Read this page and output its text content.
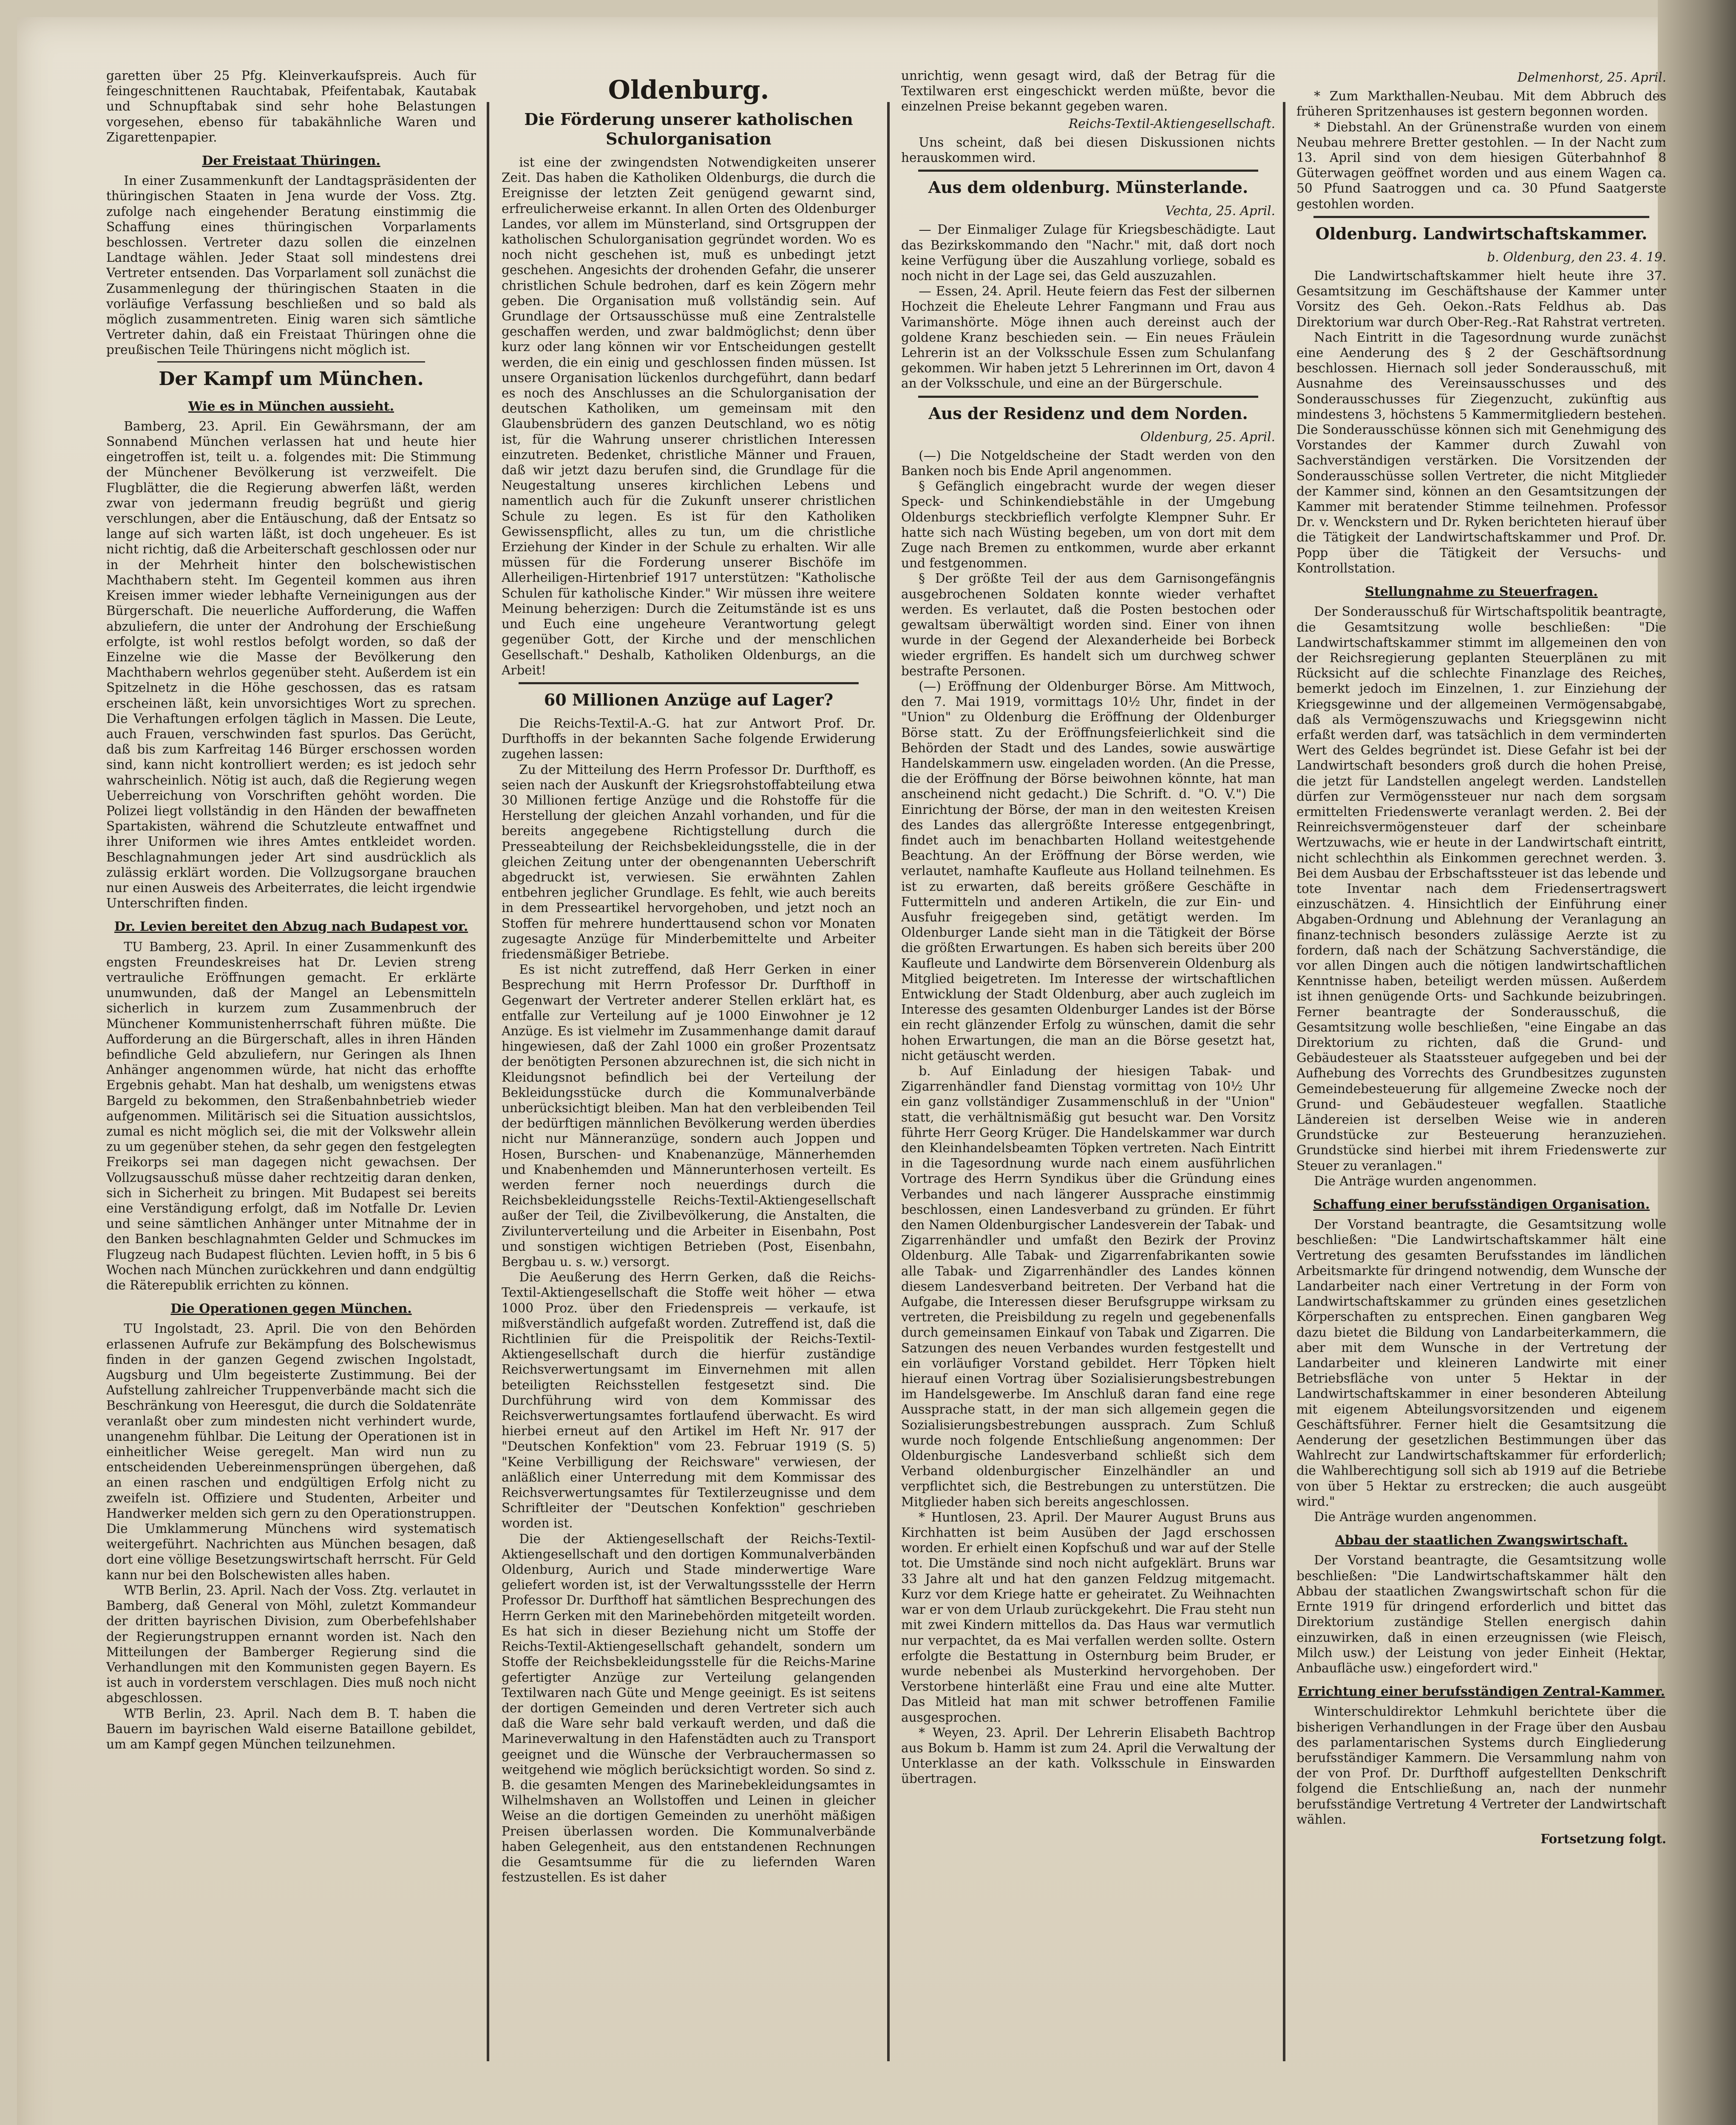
garetten über 25 Pfg. Kleinverkaufspreis. Auch für feingeschnittenen Rauchtabak, Pfeifentabak, Kautabak und Schnupftabak sind sehr hohe Belastungen vorgesehen, ebenso für tabakähnliche Waren und Zigarettenpapier.

Der Freistaat Thüringen.

In einer Zusammenkunft der Landtagspräsidenten der thüringischen Staaten in Jena wurde der Voss. Ztg. zufolge nach eingehender Beratung einstimmig die Schaffung eines thüringischen Vorparlaments beschlossen. Vertreter dazu sollen die einzelnen Landtage wählen. Jeder Staat soll mindestens drei Vertreter entsenden. Das Vorparlament soll zunächst die Zusammenlegung der thüringischen Staaten in die vorläufige Verfassung beschließen und so bald als möglich zusammentreten. Einig waren sich sämtliche Vertreter dahin, daß ein Freistaat Thüringen ohne die preußischen Teile Thüringens nicht möglich ist.

Der Kampf um München.
Wie es in München aussieht.

Bamberg, 23. April. Ein Gewährsmann, der am Sonnabend München verlassen hat und heute hier eingetroffen ist, teilt u. a. folgendes mit: Die Stimmung der Münchener Bevölkerung ist verzweifelt. Die Flugblätter, die die Regierung abwerfen läßt, werden zwar von jedermann freudig begrüßt und gierig verschlungen, aber die Entäuschung, daß der Entsatz so lange auf sich warten läßt, ist doch ungeheuer. Es ist nicht richtig, daß die Arbeiterschaft geschlossen oder nur in der Mehrheit hinter den bolschewistischen Machthabern steht. Im Gegenteil kommen aus ihren Kreisen immer wieder lebhafte Verneinigungen aus der Bürgerschaft. Die neuerliche Aufforderung, die Waffen abzuliefern, die unter der Androhung der Erschießung erfolgte, ist wohl restlos befolgt worden, so daß der Einzelne wie die Masse der Bevölkerung den Machthabern wehrlos gegenüber steht. Außerdem ist ein Spitzelnetz in die Höhe geschossen, das es ratsam erscheinen läßt, kein unvorsichtiges Wort zu sprechen. Die Verhaftungen erfolgen täglich in Massen. Die Leute, auch Frauen, verschwinden fast spurlos. Das Gerücht, daß bis zum Karfreitag 146 Bürger erschossen worden sind, kann nicht kontrolliert werden; es ist jedoch sehr wahrscheinlich. Nötig ist auch, daß die Regierung wegen Ueberreichung von Vorschriften gehöht worden. Die Polizei liegt vollständig in den Händen der bewaffneten Spartakisten, während die Schutzleute entwaffnet und ihrer Uniformen wie ihres Amtes entkleidet worden. Beschlagnahmungen jeder Art sind ausdrücklich als zulässig erklärt worden. Die Vollzugsorgane brauchen nur einen Ausweis des Arbeiterrates, die leicht irgendwie Unterschriften finden.

Dr. Levien bereitet den Abzug nach Budapest vor.

TU Bamberg, 23. April. In einer Zusammenkunft des engsten Freundeskreises hat Dr. Levien streng vertrauliche Eröffnungen gemacht. Er erklärte unumwunden, daß der Mangel an Lebensmitteln sicherlich in kurzem zum Zusammenbruch der Münchener Kommunistenherrschaft führen müßte. Die Aufforderung an die Bürgerschaft, alles in ihren Händen befindliche Geld abzuliefern, nur Geringen als Ihnen Anhänger angenommen würde, hat nicht das erhoffte Ergebnis gehabt. Man hat deshalb, um wenigstens etwas Bargeld zu bekommen, den Straßenbahnbetrieb wieder aufgenommen. Militärisch sei die Situation aussichtslos, zumal es nicht möglich sei, die mit der Volkswehr allein zu um gegenüber stehen, da sehr gegen den festgelegten Freikorps sei man dagegen nicht gewachsen. Der Vollzugsausschuß müsse daher rechtzeitig daran denken, sich in Sicherheit zu bringen. Mit Budapest sei bereits eine Verständigung erfolgt, daß im Notfalle Dr. Levien und seine sämtlichen Anhänger unter Mitnahme der in den Banken beschlagnahmten Gelder und Schmuckes im Flugzeug nach Budapest flüchten. Levien hofft, in 5 bis 6 Wochen nach München zurückkehren und dann endgültig die Räterepublik errichten zu können.

Die Operationen gegen München.

TU Ingolstadt, 23. April. Die von den Behörden erlassenen Aufrufe zur Bekämpfung des Bolschewismus finden in der ganzen Gegend zwischen Ingolstadt, Augsburg und Ulm begeisterte Zustimmung. Bei der Aufstellung zahlreicher Truppenverbände macht sich die Beschränkung von Heeresgut, die durch die Soldatenräte veranlaßt ober zum mindesten nicht verhindert wurde, unangenehm fühlbar. Die Leitung der Operationen ist in einheitlicher Weise geregelt. Man wird nun zu entscheidenden Uebereinmensprüngen übergehen, daß an einen raschen und endgültigen Erfolg nicht zu zweifeln ist. Offiziere und Studenten, Arbeiter und Handwerker melden sich gern zu den Operationstruppen. Die Umklammerung Münchens wird systematisch weitergeführt. Nachrichten aus München besagen, daß dort eine völlige Besetzungswirtschaft herrscht. Für Geld kann nur bei den Bolschewisten alles haben.

WTB Berlin, 23. April. Nach der Voss. Ztg. verlautet in Bamberg, daß General von Möhl, zuletzt Kommandeur der dritten bayrischen Division, zum Oberbefehlshaber der Regierungstruppen ernannt worden ist. Nach den Mitteilungen der Bamberger Regierung sind die Verhandlungen mit den Kommunisten gegen Bayern. Es ist auch in vorderstem verschlagen. Dies muß noch nicht abgeschlossen.

WTB Berlin, 23. April. Nach dem B. T. haben die Bauern im bayrischen Wald eiserne Bataillone gebildet, um am Kampf gegen München teilzunehmen.

Oldenburg.
Die Förderung unserer katholischen Schulorganisation

ist eine der zwingendsten Notwendigkeiten unserer Zeit. Das haben die Katholiken Oldenburgs, die durch die Ereignisse der letzten Zeit genügend gewarnt sind, erfreulicherweise erkannt. In allen Orten des Oldenburger Landes, vor allem im Münsterland, sind Ortsgruppen der katholischen Schulorganisation gegründet worden. Wo es noch nicht geschehen ist, muß es unbedingt jetzt geschehen. Angesichts der drohenden Gefahr, die unserer christlichen Schule bedrohen, darf es kein Zögern mehr geben. Die Organisation muß vollständig sein. Auf Grundlage der Ortsausschüsse muß eine Zentralstelle geschaffen werden, und zwar baldmöglichst; denn über kurz oder lang können wir vor Entscheidungen gestellt werden, die ein einig und geschlossen finden müssen. Ist unsere Organisation lückenlos durchgeführt, dann bedarf es noch des Anschlusses an die Schulorganisation der deutschen Katholiken, um gemeinsam mit den Glaubensbrüdern des ganzen Deutschland, wo es nötig ist, für die Wahrung unserer christlichen Interessen einzutreten. Bedenket, christliche Männer und Frauen, daß wir jetzt dazu berufen sind, die Grundlage für die Neugestaltung unseres kirchlichen Lebens und namentlich auch für die Zukunft unserer christlichen Schule zu legen. Es ist für den Katholiken Gewissenspflicht, alles zu tun, um die christliche Erziehung der Kinder in der Schule zu erhalten. Wir alle müssen für die Forderung unserer Bischöfe im Allerheiligen-Hirtenbrief 1917 unterstützen: "Katholische Schulen für katholische Kinder." Wir müssen ihre weitere Meinung beherzigen: Durch die Zeitumstände ist es uns und Euch eine ungeheure Verantwortung gelegt gegenüber Gott, der Kirche und der menschlichen Gesellschaft." Deshalb, Katholiken Oldenburgs, an die Arbeit!

60 Millionen Anzüge auf Lager?

Die Reichs-Textil-A.-G. hat zur Antwort Prof. Dr. Durfthoffs in der bekannten Sache folgende Erwiderung zugehen lassen:

Zu der Mitteilung des Herrn Professor Dr. Durfthoff, es seien nach der Auskunft der Kriegsrohstoffabteilung etwa 30 Millionen fertige Anzüge und die Rohstoffe für die Herstellung der gleichen Anzahl vorhanden, und für die bereits angegebene Richtigstellung durch die Presseabteilung der Reichsbekleidungsstelle, die in der gleichen Zeitung unter der obengenannten Ueberschrift abgedruckt ist, verwiesen. Sie erwähnten Zahlen entbehren jeglicher Grundlage. Es fehlt, wie auch bereits in dem Presseartikel hervorgehoben, und jetzt noch an Stoffen für mehrere hunderttausend schon vor Monaten zugesagte Anzüge für Minderbemittelte und Arbeiter friedensmäßiger Betriebe.

Es ist nicht zutreffend, daß Herr Gerken in einer Besprechung mit Herrn Professor Dr. Durfthoff in Gegenwart der Vertreter anderer Stellen erklärt hat, es entfalle zur Verteilung auf je 1000 Einwohner je 12 Anzüge. Es ist vielmehr im Zusammenhange damit darauf hingewiesen, daß der Zahl 1000 ein großer Prozentsatz der benötigten Personen abzurechnen ist, die sich nicht in Kleidungsnot befindlich bei der Verteilung der Bekleidungsstücke durch die Kommunalverbände unberücksichtigt bleiben. Man hat den verbleibenden Teil der bedürftigen männlichen Bevölkerung werden überdies nicht nur Männeranzüge, sondern auch Joppen und Hosen, Burschen- und Knabenanzüge, Männerhemden und Knabenhemden und Männerunterhosen verteilt. Es werden ferner noch neuerdings durch die Reichsbekleidungsstelle Reichs-Textil-Aktiengesellschaft außer der Teil, die Zivilbevölkerung, die Anstalten, die Zivilunterverteilung und die Arbeiter in Eisenbahn, Post und sonstigen wichtigen Betrieben (Post, Eisenbahn, Bergbau u. s. w.) versorgt.

Die Aeußerung des Herrn Gerken, daß die Reichs-Textil-Aktiengesellschaft die Stoffe weit höher — etwa 1000 Proz. über den Friedenspreis — verkaufe, ist mißverständlich aufgefaßt worden. Zutreffend ist, daß die Richtlinien für die Preispolitik der Reichs-Textil-Aktiengesellschaft durch die hierfür zuständige Reichsverwertungsamt im Einvernehmen mit allen beteiligten Reichsstellen festgesetzt sind. Die Durchführung wird von dem Kommissar des Reichsverwertungsamtes fortlaufend überwacht. Es wird hierbei erneut auf den Artikel im Heft Nr. 917 der "Deutschen Konfektion" vom 23. Februar 1919 (S. 5) "Keine Verbilligung der Reichsware" verwiesen, der anläßlich einer Unterredung mit dem Kommissar des Reichsverwertungsamtes für Textilerzeugnisse und dem Schriftleiter der "Deutschen Konfektion" geschrieben worden ist.

Die der Aktiengesellschaft der Reichs-Textil-Aktiengesellschaft und den dortigen Kommunalverbänden Oldenburg, Aurich und Stade minderwertige Ware geliefert worden ist, ist der Verwaltungssstelle der Herrn Professor Dr. Durfthoff hat sämtlichen Besprechungen des Herrn Gerken mit den Marinebehörden mitgeteilt worden. Es hat sich in dieser Beziehung nicht um Stoffe der Reichs-Textil-Aktiengesellschaft gehandelt, sondern um Stoffe der Reichsbekleidungsstelle für die Reichs-Marine gefertigter Anzüge zur Verteilung gelangenden Textilwaren nach Güte und Menge geeinigt. Es ist seitens der dortigen Gemeinden und deren Vertreter sich auch daß die Ware sehr bald verkauft werden, und daß die Marineverwaltung in den Hafenstädten auch zu Transport geeignet und die Wünsche der Verbrauchermassen so weitgehend wie möglich berücksichtigt worden. So sind z. B. die gesamten Mengen des Marinebekleidungsamtes in Wilhelmshaven an Wollstoffen und Leinen in gleicher Weise an die dortigen Gemeinden zu unerhöht mäßigen Preisen überlassen worden. Die Kommunalverbände haben Gelegenheit, aus den entstandenen Rechnungen die Gesamtsumme für die zu liefernden Waren festzustellen. Es ist daher

unrichtig, wenn gesagt wird, daß der Betrag für die Textilwaren erst eingeschickt werden müßte, bevor die einzelnen Preise bekannt gegeben waren.

Reichs-Textil-Aktiengesellschaft.

Uns scheint, daß bei diesen Diskussionen nichts herauskommen wird.

Aus dem oldenburg. Münsterlande.
Vechta, 25. April.

— Der Einmaliger Zulage für Kriegsbeschädigte. Laut das Bezirkskommando den "Nachr." mit, daß dort noch keine Verfügung über die Auszahlung vorliege, sobald es noch nicht in der Lage sei, das Geld auszuzahlen.

— Essen, 24. April. Heute feiern das Fest der silbernen Hochzeit die Eheleute Lehrer Fangmann und Frau aus Varimanshörte. Möge ihnen auch dereinst auch der goldene Kranz beschieden sein. — Ein neues Fräulein Lehrerin ist an der Volksschule Essen zum Schulanfang gekommen. Wir haben jetzt 5 Lehrerinnen im Ort, davon 4 an der Volksschule, und eine an der Bürgerschule.

Aus der Residenz und dem Norden.
Oldenburg, 25. April.

(—) Die Notgeldscheine der Stadt werden von den Banken noch bis Ende April angenommen.

§ Gefänglich eingebracht wurde der wegen dieser Speck- und Schinkendiebstähle in der Umgebung Oldenburgs steckbrieflich verfolgte Klempner Suhr. Er hatte sich nach Wüsting begeben, um von dort mit dem Zuge nach Bremen zu entkommen, wurde aber erkannt und festgenommen.

§ Der größte Teil der aus dem Garnisongefängnis ausgebrochenen Soldaten konnte wieder verhaftet werden. Es verlautet, daß die Posten bestochen oder gewaltsam überwältigt worden sind. Einer von ihnen wurde in der Gegend der Alexanderheide bei Borbeck wieder ergriffen. Es handelt sich um durchweg schwer bestrafte Personen.

(—) Eröffnung der Oldenburger Börse. Am Mittwoch, den 7. Mai 1919, vormittags 10½ Uhr, findet in der "Union" zu Oldenburg die Eröffnung der Oldenburger Börse statt. Zu der Eröffnungsfeierlichkeit sind die Behörden der Stadt und des Landes, sowie auswärtige Handelskammern usw. eingeladen worden. (An die Presse, die der Eröffnung der Börse beiwohnen könnte, hat man anscheinend nicht gedacht.) Die Schrift. d. "O. V.") Die Einrichtung der Börse, der man in den weitesten Kreisen des Landes das allergrößte Interesse entgegenbringt, findet auch im benachbarten Holland weitestgehende Beachtung. An der Eröffnung der Börse werden, wie verlautet, namhafte Kaufleute aus Holland teilnehmen. Es ist zu erwarten, daß bereits größere Geschäfte in Futtermitteln und anderen Artikeln, die zur Ein- und Ausfuhr freigegeben sind, getätigt werden. Im Oldenburger Lande sieht man in die Tätigkeit der Börse die größten Erwartungen. Es haben sich bereits über 200 Kaufleute und Landwirte dem Börsenverein Oldenburg als Mitglied beigetreten. Im Interesse der wirtschaftlichen Entwicklung der Stadt Oldenburg, aber auch zugleich im Interesse des gesamten Oldenburger Landes ist der Börse ein recht glänzender Erfolg zu wünschen, damit die sehr hohen Erwartungen, die man an die Börse gesetzt hat, nicht getäuscht werden.

b. Auf Einladung der hiesigen Tabak- und Zigarrenhändler fand Dienstag vormittag von 10½ Uhr ein ganz vollständiger Zusammenschluß in der "Union" statt, die verhältnismäßig gut besucht war. Den Vorsitz führte Herr Georg Krüger. Die Handelskammer war durch den Kleinhandelsbeamten Töpken vertreten. Nach Eintritt in die Tagesordnung wurde nach einem ausführlichen Vortrage des Herrn Syndikus über die Gründung eines Verbandes und nach längerer Aussprache einstimmig beschlossen, einen Landesverband zu gründen. Er führt den Namen Oldenburgischer Landesverein der Tabak- und Zigarrenhändler und umfaßt den Bezirk der Provinz Oldenburg. Alle Tabak- und Zigarrenfabrikanten sowie alle Tabak- und Zigarrenhändler des Landes können diesem Landesverband beitreten. Der Verband hat die Aufgabe, die Interessen dieser Berufsgruppe wirksam zu vertreten, die Preisbildung zu regeln und gegebenenfalls durch gemeinsamen Einkauf von Tabak und Zigarren. Die Satzungen des neuen Verbandes wurden festgestellt und ein vorläufiger Vorstand gebildet. Herr Töpken hielt hierauf einen Vortrag über Sozialisierungsbestrebungen im Handelsgewerbe. Im Anschluß daran fand eine rege Aussprache statt, in der man sich allgemein gegen die Sozialisierungsbestrebungen aussprach. Zum Schluß wurde noch folgende Entschließung angenommen: Der Oldenburgische Landesverband schließt sich dem Verband oldenburgischer Einzelhändler an und verpflichtet sich, die Bestrebungen zu unterstützen. Die Mitglieder haben sich bereits angeschlossen.

* Huntlosen, 23. April. Der Maurer August Bruns aus Kirchhatten ist beim Ausüben der Jagd erschossen worden. Er erhielt einen Kopfschuß und war auf der Stelle tot. Die Umstände sind noch nicht aufgeklärt. Bruns war 33 Jahre alt und hat den ganzen Feldzug mitgemacht. Kurz vor dem Kriege hatte er geheiratet. Zu Weihnachten war er von dem Urlaub zurückgekehrt. Die Frau steht nun mit zwei Kindern mittellos da. Das Haus war vermutlich nur verpachtet, da es Mai verfallen werden sollte. Ostern erfolgte die Bestattung in Osternburg beim Bruder, er wurde nebenbei als Musterkind hervorgehoben. Der Verstorbene hinterläßt eine Frau und eine alte Mutter. Das Mitleid hat man mit schwer betroffenen Familie ausgesprochen.

* Weyen, 23. April. Der Lehrerin Elisabeth Bachtrop aus Bokum b. Hamm ist zum 24. April die Verwaltung der Unterklasse an der kath. Volksschule in Einswarden übertragen.

Delmenhorst, 25. April.

* Zum Markthallen-Neubau. Mit dem Abbruch des früheren Spritzenhauses ist gestern begonnen worden.

* Diebstahl. An der Grünenstraße wurden von einem Neubau mehrere Bretter gestohlen. — In der Nacht zum 13. April sind von dem hiesigen Güterbahnhof 8 Güterwagen geöffnet worden und aus einem Wagen ca. 50 Pfund Saatroggen und ca. 30 Pfund Saatgerste gestohlen worden.

Oldenburg. Landwirtschaftskammer.
b. Oldenburg, den 23. 4. 19.

Die Landwirtschaftskammer hielt heute ihre 37. Gesamtsitzung im Geschäftshause der Kammer unter Vorsitz des Geh. Oekon.-Rats Feldhus ab. Das Direktorium war durch Ober-Reg.-Rat Rahstrat vertreten.

Nach Eintritt in die Tagesordnung wurde zunächst eine Aenderung des § 2 der Geschäftsordnung beschlossen. Hiernach soll jeder Sonderausschuß, mit Ausnahme des Vereinsausschusses und des Sonderausschusses für Ziegenzucht, zukünftig aus mindestens 3, höchstens 5 Kammermitgliedern bestehen. Die Sonderausschüsse können sich mit Genehmigung des Vorstandes der Kammer durch Zuwahl von Sachverständigen verstärken. Die Vorsitzenden der Sonderausschüsse sollen Vertreter, die nicht Mitglieder der Kammer sind, können an den Gesamtsitzungen der Kammer mit beratender Stimme teilnehmen. Professor Dr. v. Wenckstern und Dr. Ryken berichteten hierauf über die Tätigkeit der Landwirtschaftskammer und Prof. Dr. Popp über die Tätigkeit der Versuchs- und Kontrollstation.

Stellungnahme zu Steuerfragen.

Der Sonderausschuß für Wirtschaftspolitik beantragte, die Gesamtsitzung wolle beschließen: "Die Landwirtschaftskammer stimmt im allgemeinen den von der Reichsregierung geplanten Steuerplänen zu mit Rücksicht auf die schlechte Finanzlage des Reiches, bemerkt jedoch im Einzelnen, 1. zur Einziehung der Kriegsgewinne und der allgemeinen Vermögensabgabe, daß als Vermögenszuwachs und Kriegsgewinn nicht erfaßt werden darf, was tatsächlich in dem verminderten Wert des Geldes begründet ist. Diese Gefahr ist bei der Landwirtschaft besonders groß durch die hohen Preise, die jetzt für Landstellen angelegt werden. Landstellen dürfen zur Vermögenssteuer nur nach dem sorgsam ermittelten Friedenswerte veranlagt werden. 2. Bei der Reinreichsvermögensteuer darf der scheinbare Wertzuwachs, wie er heute in der Landwirtschaft eintritt, nicht schlechthin als Einkommen gerechnet werden. 3. Bei dem Ausbau der Erbschaftssteuer ist das lebende und tote Inventar nach dem Friedensertragswert einzuschätzen. 4. Hinsichtlich der Einführung einer Abgaben-Ordnung und Ablehnung der Veranlagung an finanz-technisch besonders zulässige Aerzte ist zu fordern, daß nach der Schätzung Sachverständige, die vor allen Dingen auch die nötigen landwirtschaftlichen Kenntnisse haben, beteiligt werden müssen. Außerdem ist ihnen genügende Orts- und Sachkunde beizubringen. Ferner beantragte der Sonderausschuß, die Gesamtsitzung wolle beschließen, "eine Eingabe an das Direktorium zu richten, daß die Grund- und Gebäudesteuer als Staatssteuer aufgegeben und bei der Aufhebung des Vorrechts des Grundbesitzes zugunsten Gemeindebesteuerung für allgemeine Zwecke noch der Grund- und Gebäudesteuer wegfallen. Staatliche Ländereien ist derselben Weise wie in anderen Grundstücke zur Besteuerung heranzuziehen. Grundstücke sind hierbei mit ihrem Friedenswerte zur Steuer zu veranlagen."

Die Anträge wurden angenommen.

Schaffung einer berufsständigen Organisation.

Der Vorstand beantragte, die Gesamtsitzung wolle beschließen: "Die Landwirtschaftskammer hält eine Vertretung des gesamten Berufsstandes im ländlichen Arbeitsmarkte für dringend notwendig, dem Wunsche der Landarbeiter nach einer Vertretung in der Form von Landwirtschaftskammer zu gründen eines gesetzlichen Körperschaften zu entsprechen. Einen gangbaren Weg dazu bietet die Bildung von Landarbeiterkammern, die aber mit dem Wunsche in der Vertretung der Landarbeiter und kleineren Landwirte mit einer Betriebsfläche von unter 5 Hektar in der Landwirtschaftskammer in einer besonderen Abteilung mit eigenem Abteilungsvorsitzenden und eigenem Geschäftsführer. Ferner hielt die Gesamtsitzung die Aenderung der gesetzlichen Bestimmungen über das Wahlrecht zur Landwirtschaftskammer für erforderlich; die Wahlberechtigung soll sich ab 1919 auf die Betriebe von über 5 Hektar zu erstrecken; die auch ausgeübt wird."

Die Anträge wurden angenommen.

Abbau der staatlichen Zwangswirtschaft.

Der Vorstand beantragte, die Gesamtsitzung wolle beschließen: "Die Landwirtschaftskammer hält den Abbau der staatlichen Zwangswirtschaft schon für die Ernte 1919 für dringend erforderlich und bittet das Direktorium zuständige Stellen energisch dahin einzuwirken, daß in einen erzeugnissen (wie Fleisch, Milch usw.) der Leistung von jeder Einheit (Hektar, Anbaufläche usw.) eingefordert wird."

Errichtung einer berufsständigen Zentral-Kammer.

Winterschuldirektor Lehmkuhl berichtete über die bisherigen Verhandlungen in der Frage über den Ausbau des parlamentarischen Systems durch Eingliederung berufsständiger Kammern. Die Versammlung nahm von der von Prof. Dr. Durfthoff aufgestellten Denkschrift folgend die Entschließung an, nach der nunmehr berufsständige Vertretung 4 Vertreter der Landwirtschaft wählen.

Fortsetzung folgt.
